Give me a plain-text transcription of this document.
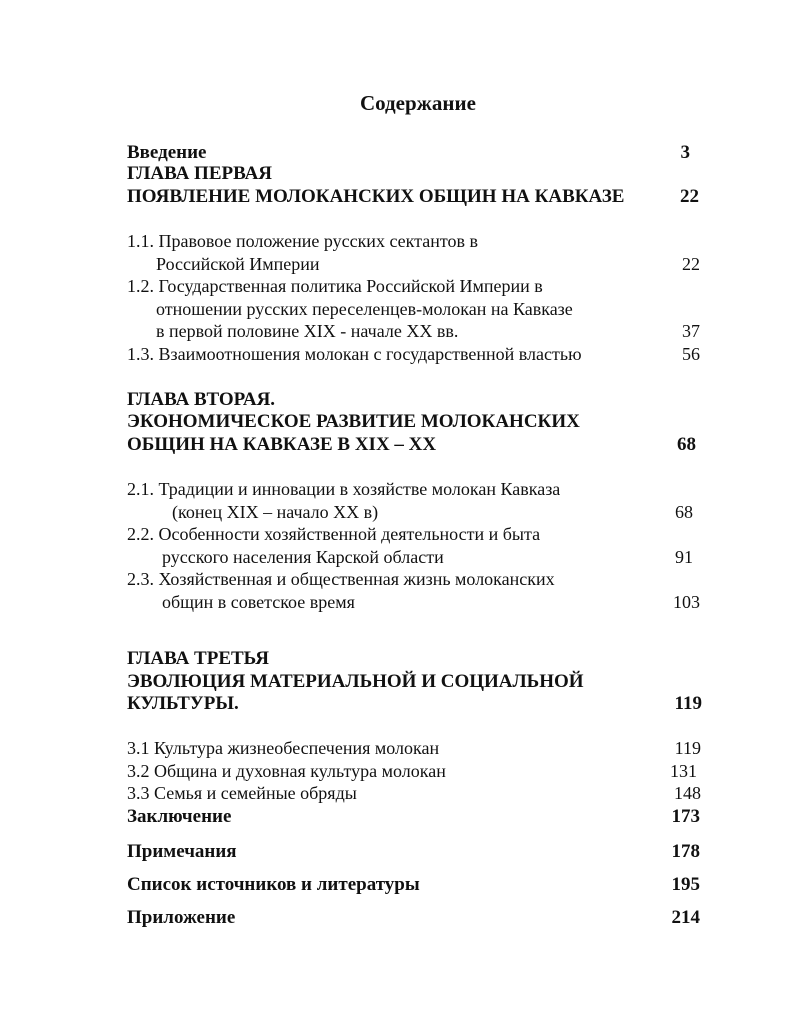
Содержание
Введение	3
ГЛАВА ПЕРВАЯ
ПОЯВЛЕНИЕ МОЛОКАНСКИХ ОБЩИН НА КАВКАЗЕ	22
1.1. Правовое положение русских сектантов в
Российской Империи	22
1.2. Государственная политика Российской Империи в
отношении русских переселенцев-молокан на Кавказе
в первой половине XIX - начале XX вв.	37
1.3. Взаимоотношения молокан с государственной властью	56
ГЛАВА ВТОРАЯ.
ЭКОНОМИЧЕСКОЕ РАЗВИТИЕ МОЛОКАНСКИХ
ОБЩИН НА КАВКАЗЕ В XIX – XX	68
2.1. Традиции и инновации в хозяйстве молокан Кавказа
(конец XIX – начало XX в)	68
2.2. Особенности хозяйственной деятельности и быта
русского населения Карской области	91
2.3. Хозяйственная и общественная жизнь молоканских
общин в советское время	103
ГЛАВА ТРЕТЬЯ
ЭВОЛЮЦИЯ МАТЕРИАЛЬНОЙ И СОЦИАЛЬНОЙ
КУЛЬТУРЫ.	119
3.1 Культура жизнеобеспечения молокан	119
3.2 Община и духовная культура молокан	131
3.3 Семья и семейные обряды	148
Заключение	173
Примечания	178
Список источников и литературы	195
Приложение	214
